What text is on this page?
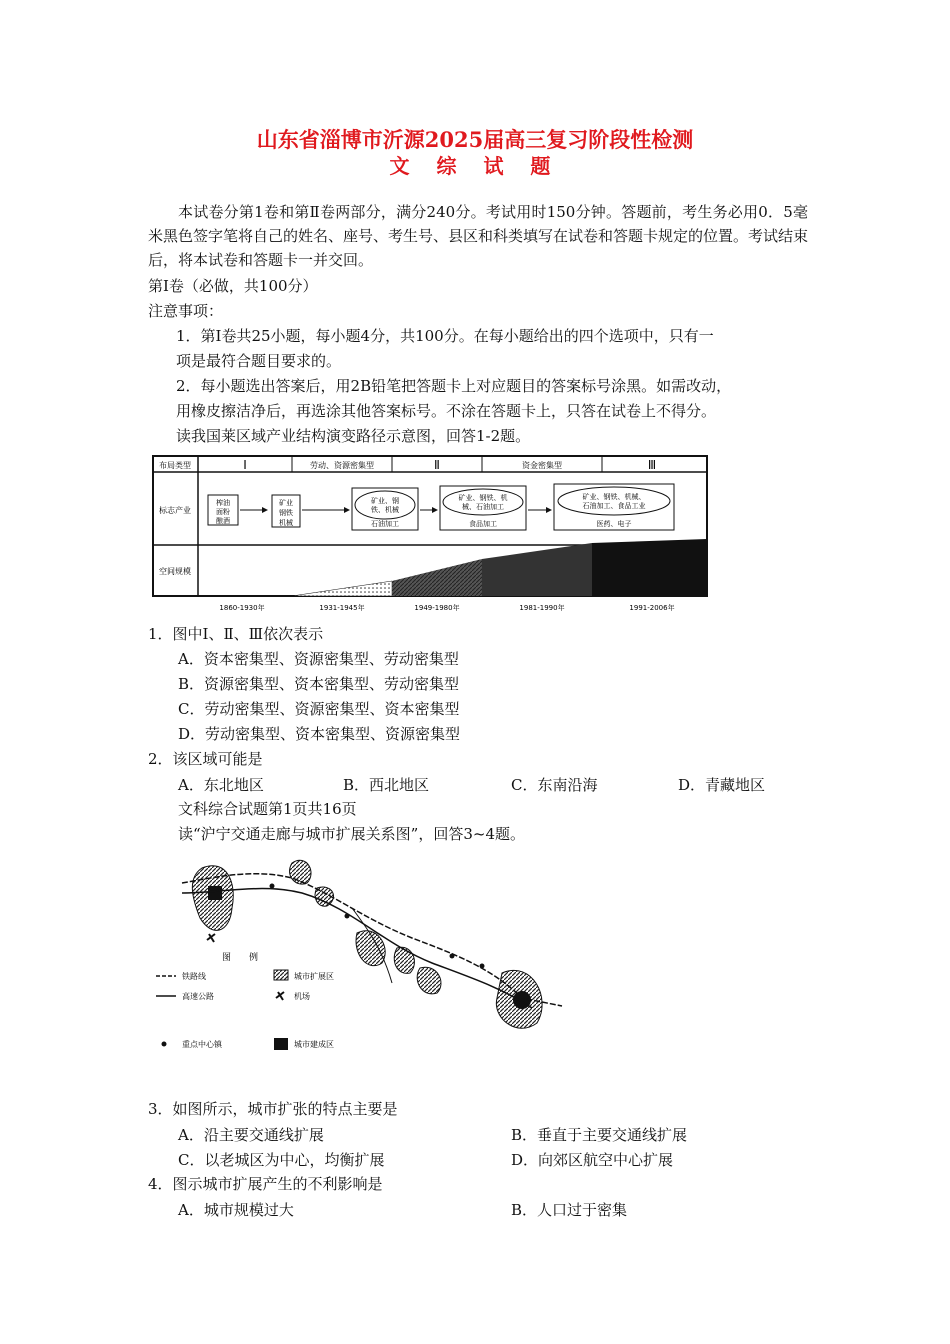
山东省淄博市沂源2025届高三复习阶段性检测
文 综 试 题
本试卷分第1卷和第Ⅱ卷两部分，满分240分。考试用时150分钟。答题前，考生务必用0．5毫米黑色签字笔将自己的姓名、座号、考生号、县区和科类填写在试卷和答题卡规定的位置。考试结束后，将本试卷和答题卡一并交回。
第Ⅰ卷（必做，共100分）
注意事项：
1．第Ⅰ卷共25小题，每小题4分，共100分。在每小题给出的四个选项中，只有一
项是最符合题目要求的。
2．每小题选出答案后，用2B铅笔把答题卡上对应题目的答案标号涂黑。如需改动，
用橡皮擦洁净后，再选涂其他答案标号。不涂在答题卡上，只答在试卷上不得分。
读我国莱区域产业结构演变路径示意图，回答1-2题。
布局类型
标志产业
空间规模
Ⅰ	劳动、资源密集型	Ⅱ	资金密集型	Ⅲ
榨油
面粉
酿酒
矿业
钢铁
机械
矿业、钢
铁、机械
石油加工
矿业、钢铁、机
械、石油加工
食品加工
矿业、钢铁、机械、
石油加工、食品工业
医药、电子
1860-1930年	1931-1945年	1949-1980年	1981-1990年	1991-2006年
1．图中Ⅰ、Ⅱ、Ⅲ依次表示
A．资本密集型、资源密集型、劳动密集型
B．资源密集型、资本密集型、劳动密集型
C．劳动密集型、资源密集型、资本密集型
D．劳动密集型、资本密集型、资源密集型
2．该区域可能是
A．东北地区	B．西北地区	C．东南沿海	D．青藏地区
文科综合试题第1页共16页
读“沪宁交通走廊与城市扩展关系图”，回答3~4题。
图　　例
铁路线	城市扩展区
高速公路	机场
重点中心镇	城市建成区
3．如图所示，城市扩张的特点主要是
A．沿主要交通线扩展	B．垂直于主要交通线扩展
C．以老城区为中心，均衡扩展	D．向郊区航空中心扩展
4．图示城市扩展产生的不利影响是
A．城市规模过大	B．人口过于密集
